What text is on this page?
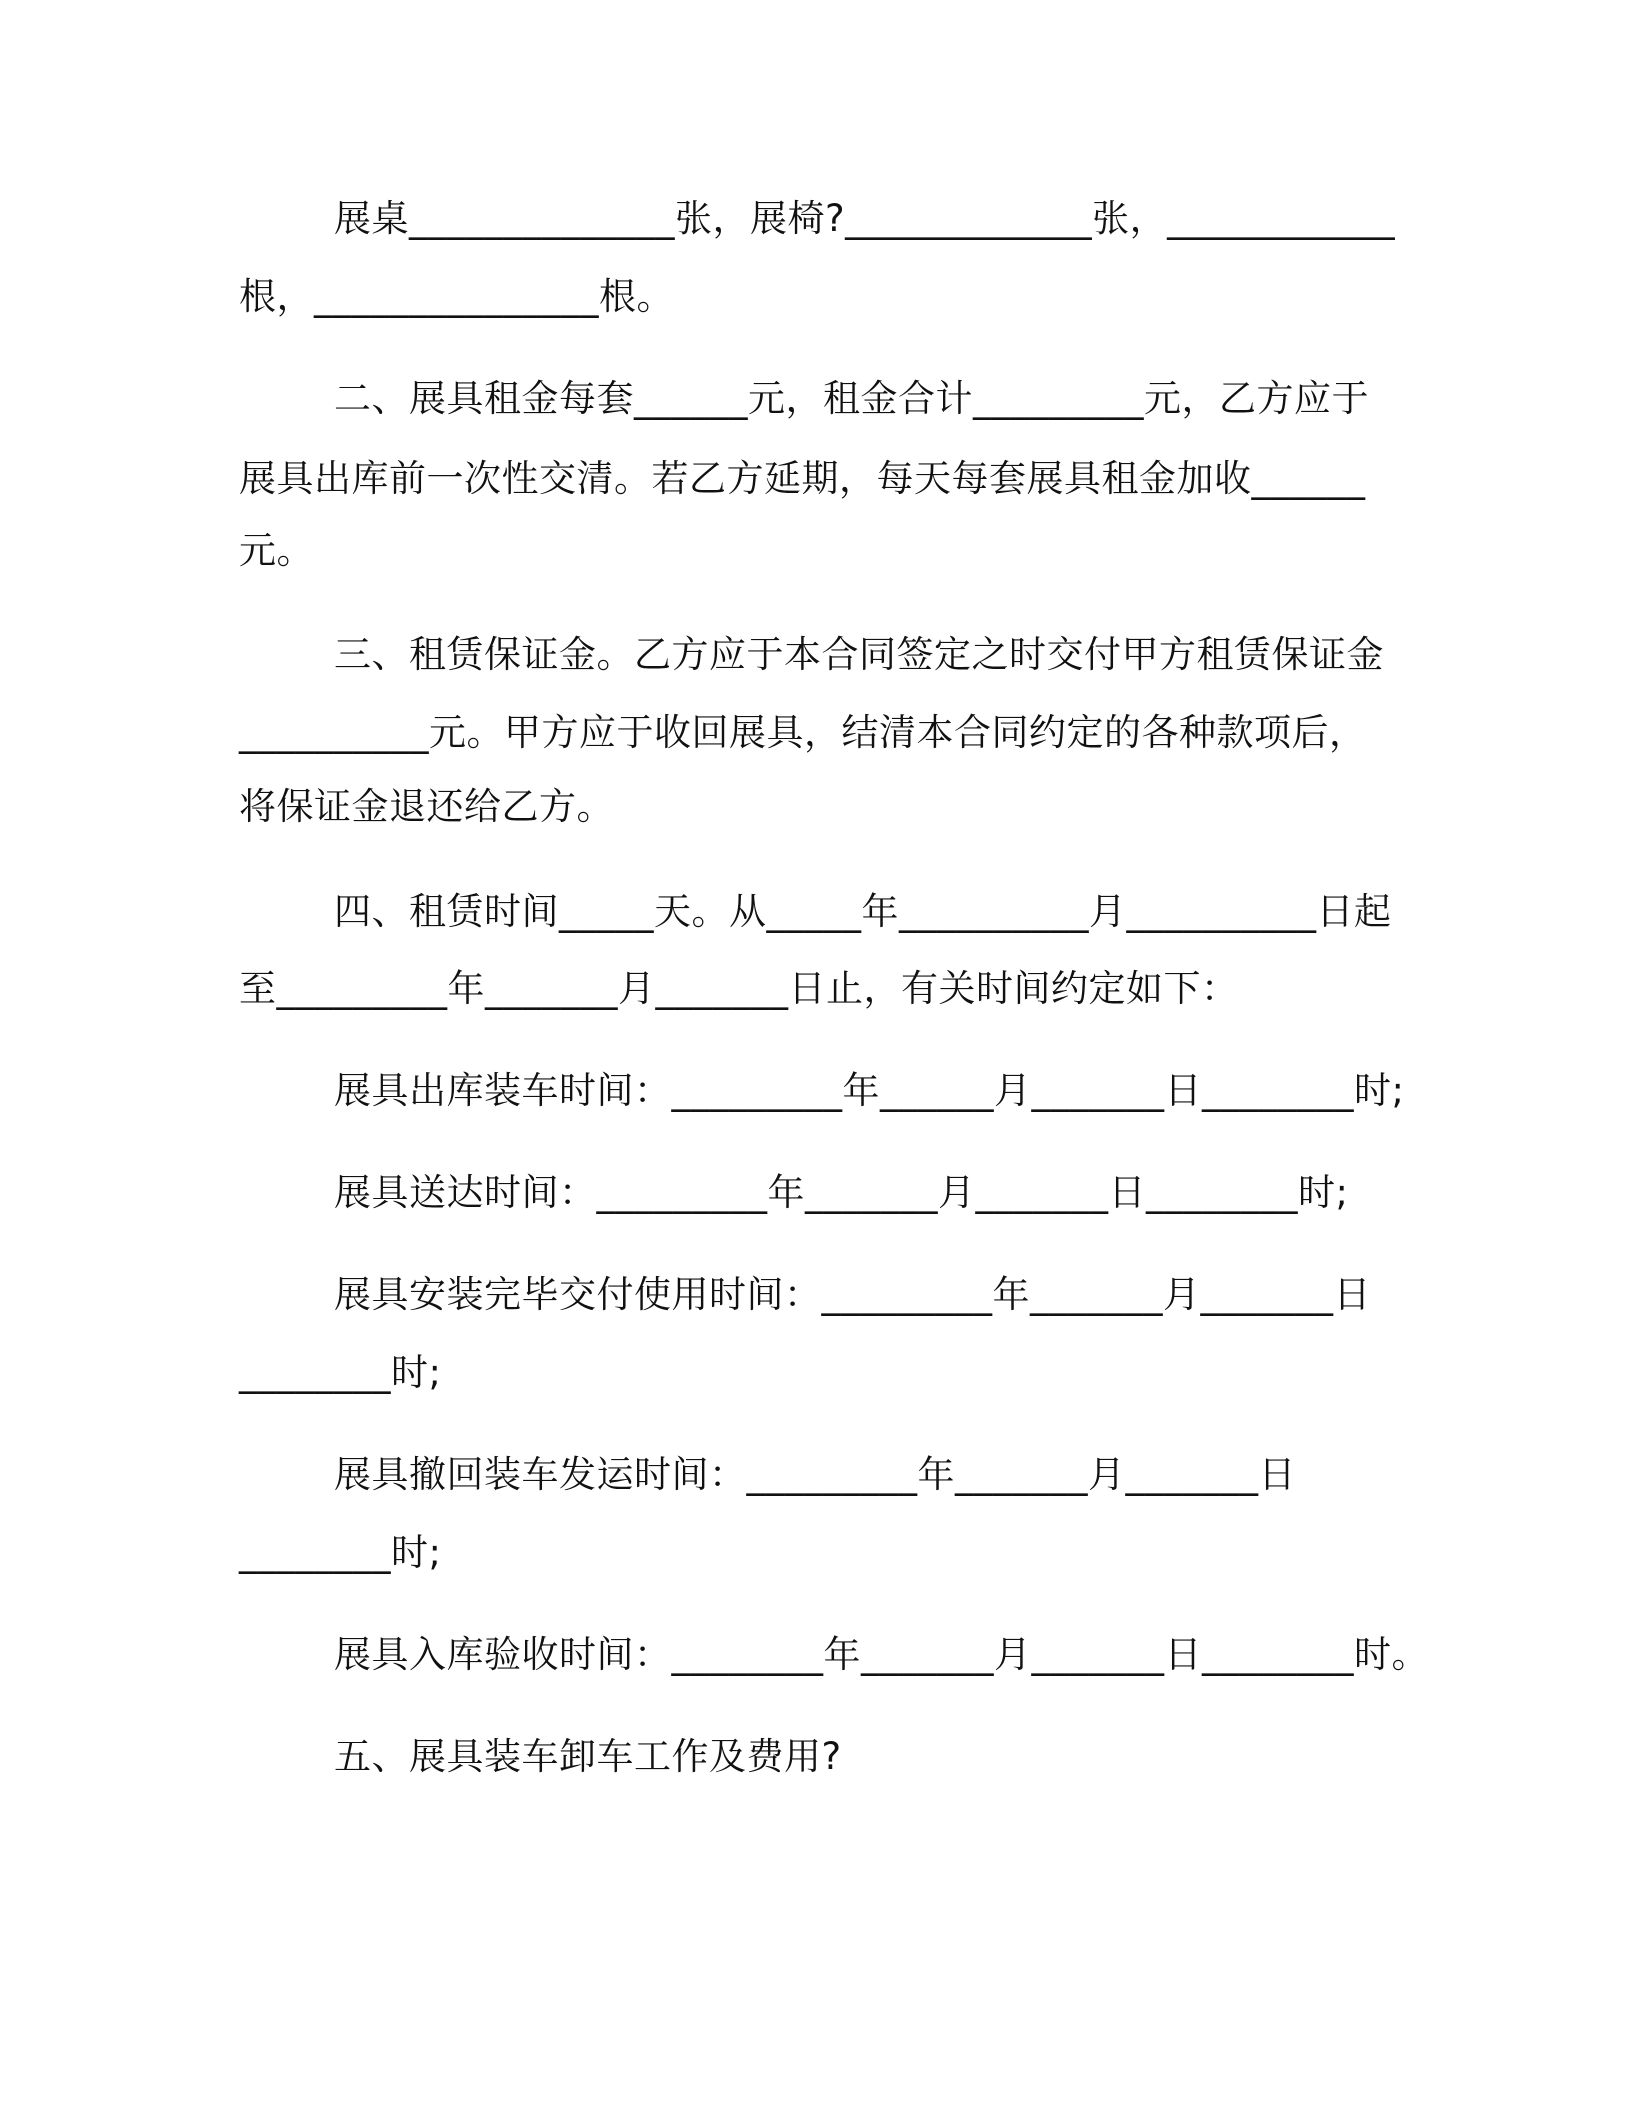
展桌______________张，展椅?_____________张，____________
根，_______________根。
二、展具租金每套______元，租金合计_________元，乙方应于
展具出库前一次性交清。若乙方延期，每天每套展具租金加收______
元。
三、租赁保证金。乙方应于本合同签定之时交付甲方租赁保证金
__________元。甲方应于收回展具，结清本合同约定的各种款项后，
将保证金退还给乙方。
四、租赁时间_____天。从_____年__________月__________日起
至_________年_______月_______日止，有关时间约定如下：
展具出库装车时间：_________年______月_______日________时;
展具送达时间：_________年_______月_______日________时;
展具安装完毕交付使用时间：_________年_______月_______日
________时;
展具撤回装车发运时间：_________年_______月_______日
________时;
展具入库验收时间：________年_______月_______日________时。
五、展具装车卸车工作及费用?
